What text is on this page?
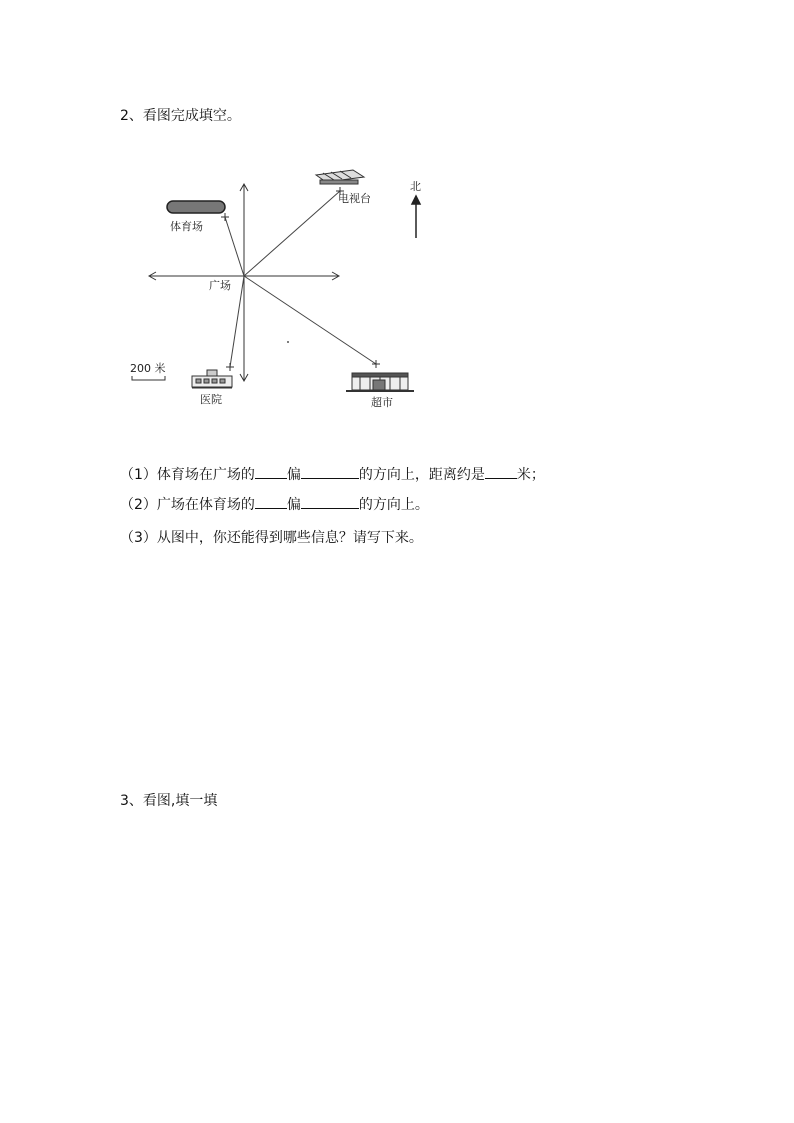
2、看图完成填空。
体育场
电视台
北
广场
200 米
医院	超市
（1）体育场在广场的 偏	的方向上，距离约是 米；
（2）广场在体育场的 偏	的方向上。
（3）从图中，你还能得到哪些信息？请写下来。
3、看图,填一填
